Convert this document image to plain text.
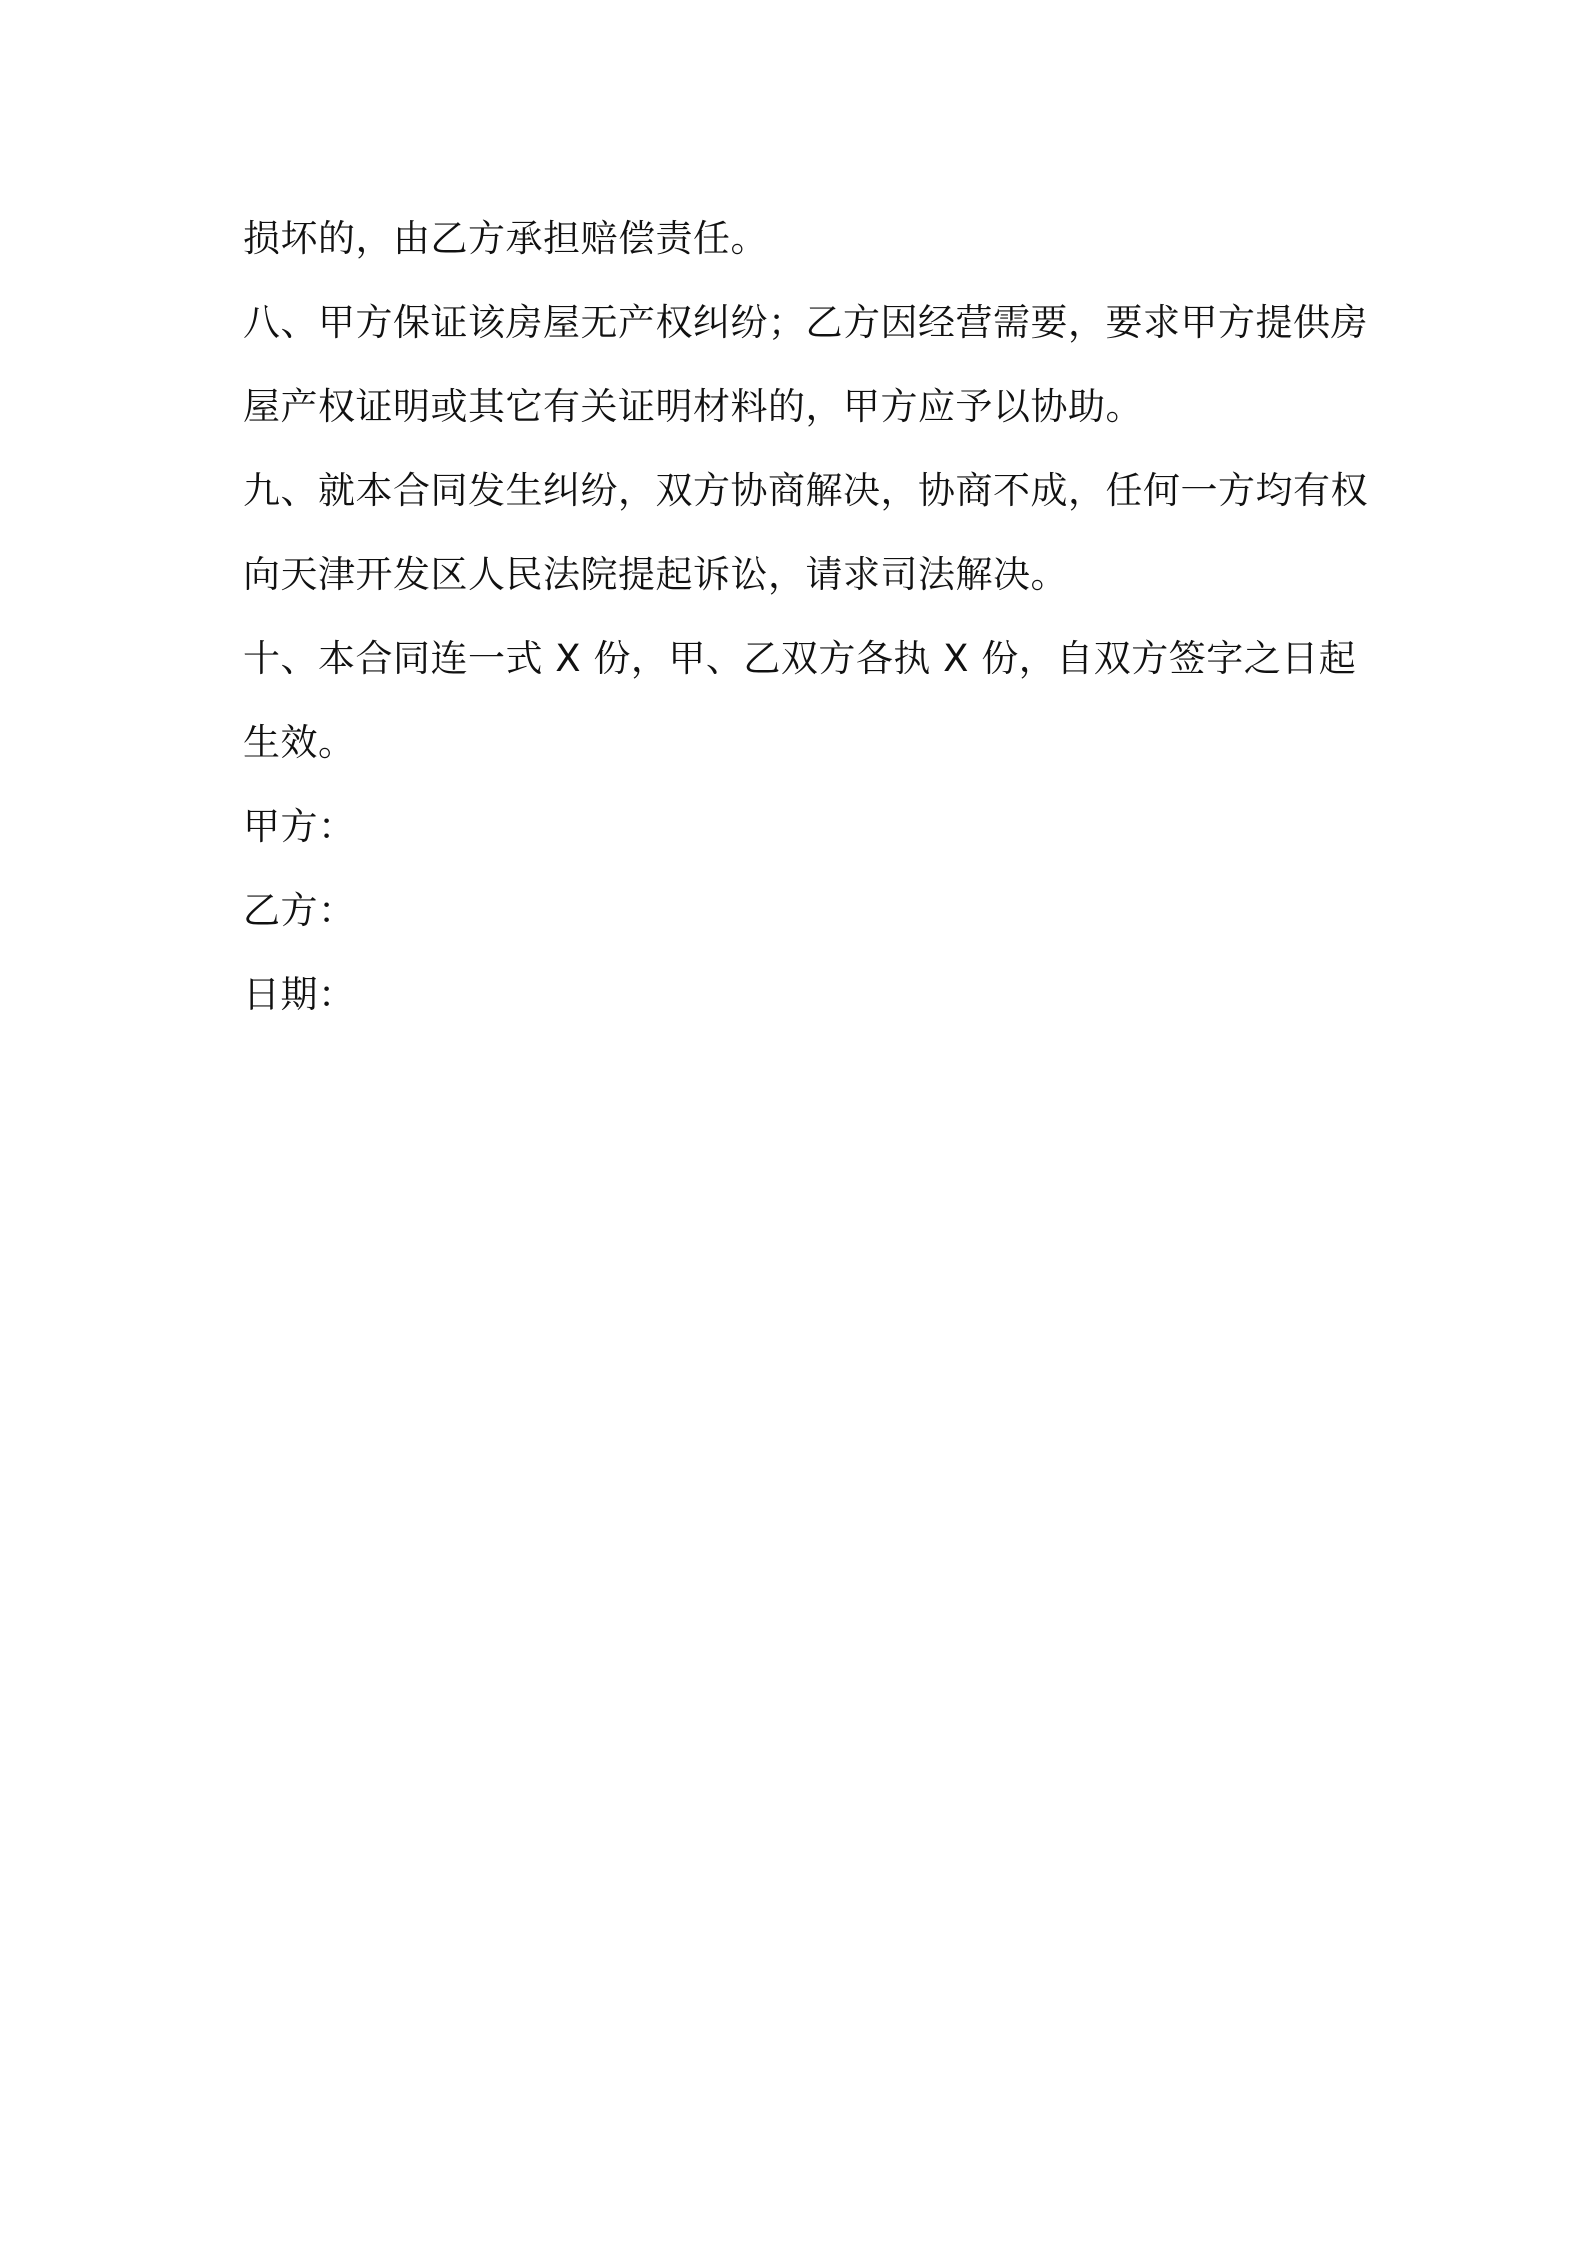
损坏的，由乙方承担赔偿责任。
八、甲方保证该房屋无产权纠纷；乙方因经营需要，要求甲方提供房
屋产权证明或其它有关证明材料的，甲方应予以协助。
九、就本合同发生纠纷，双方协商解决，协商不成，任何一方均有权
向天津开发区人民法院提起诉讼，请求司法解决。
十、本合同连一式 X 份，甲、乙双方各执 X 份，自双方签字之日起
生效。
甲方：
乙方：
日期：
